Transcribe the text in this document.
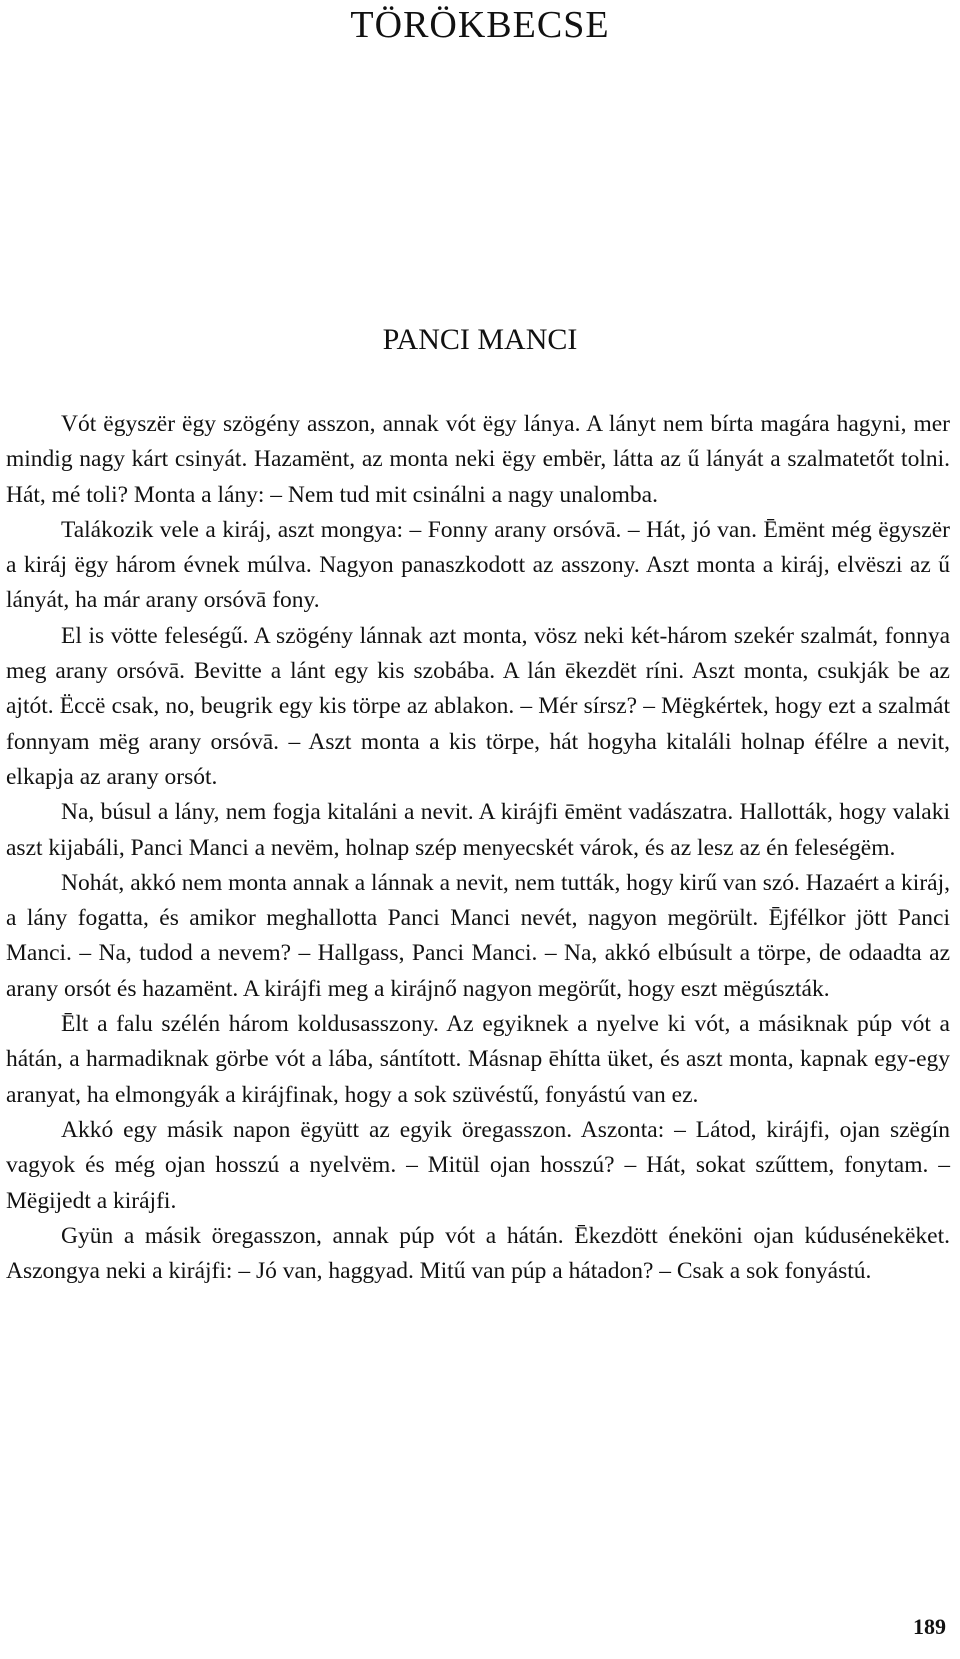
TÖRÖKBECSE
PANCI MANCI

Vót ëgyszër ëgy szögény asszon, annak vót ëgy lánya. A lányt nem bírta magára hagyni, mer mindig nagy kárt csinyát. Hazamënt, az monta neki ëgy embër, látta az ű lányát a szalmatetőt tolni. Hát, mé toli? Monta a lány: – Nem tud mit csinálni a nagy unalomba.

Talákozik vele a kiráj, aszt mongya: – Fonny arany orsóvā. – Hát, jó van. Ēmënt még ëgyszër a kiráj ëgy három évnek múlva. Nagyon panaszkodott az asszony. Aszt monta a kiráj, elvëszi az ű lányát, ha már arany orsóvā fony.

El is vötte feleségű. A szögény lánnak azt monta, vösz neki két-három szekér szalmát, fonnya meg arany orsóvā. Bevitte a lánt egy kis szobába. A lán ēkezdët ríni. Aszt monta, csukják be az ajtót. Ëccë csak, no, beugrik egy kis törpe az ablakon. – Mér sírsz? – Mëgkértek, hogy ezt a szalmát fonnyam mëg arany orsóvā. – Aszt monta a kis törpe, hát hogyha kitaláli holnap éfélre a nevit, elkapja az arany orsót.

Na, búsul a lány, nem fogja kitaláni a nevit. A kirájfi ēmënt vadászatra. Hallották, hogy valaki aszt kijabáli, Panci Manci a nevëm, holnap szép menyecskét várok, és az lesz az én feleségëm.

Nohát, akkó nem monta annak a lánnak a nevit, nem tutták, hogy kirű van szó. Hazaért a kiráj, a lány fogatta, és amikor meghallotta Panci Manci nevét, nagyon megörült. Ējfélkor jött Panci Manci. – Na, tudod a nevem? – Hallgass, Panci Manci. – Na, akkó elbúsult a törpe, de odaadta az arany orsót és hazamënt. A kirájfi meg a kirájnő nagyon megörűt, hogy eszt mëgúszták.

Ēlt a falu szélén három koldusasszony. Az egyiknek a nyelve ki vót, a másiknak púp vót a hátán, a harmadiknak görbe vót a lába, sántított. Másnap ēhítta üket, és aszt monta, kapnak egy-egy aranyat, ha elmongyák a kirájfinak, hogy a sok szüvéstű, fonyástú van ez.

Akkó egy másik napon ëgyütt az egyik öregasszon. Aszonta: – Látod, kirájfi, ojan szëgín vagyok és még ojan hosszú a nyelvëm. – Mitül ojan hosszú? – Hát, sokat szűttem, fonytam. – Mëgijedt a kirájfi.

Gyün a másik öregasszon, annak púp vót a hátán. Ēkezdött éneköni ojan kúdusénekëket. Aszongya neki a kirájfi: – Jó van, haggyad. Mitű van púp a hátadon? – Csak a sok fonyástú.

189
